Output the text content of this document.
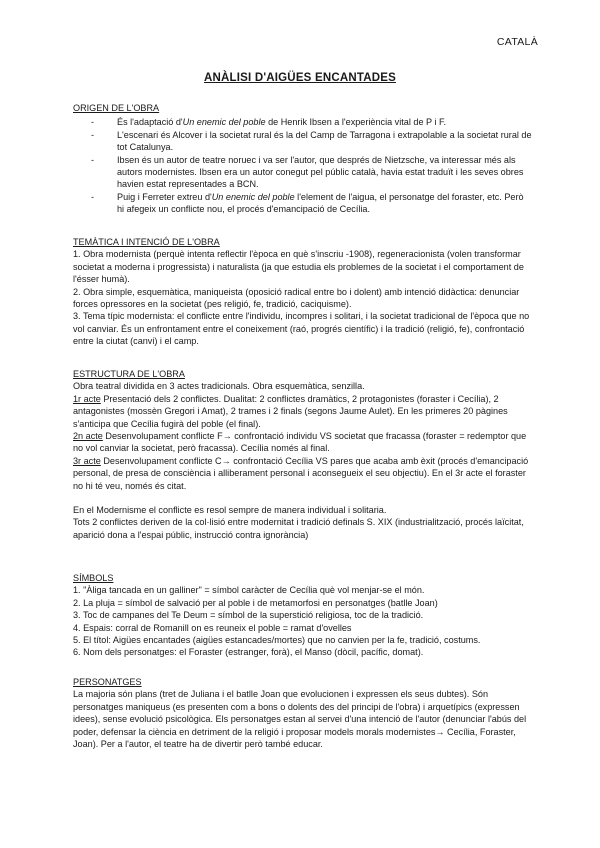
CATALÀ
ANÀLISI D'AIGÜES ENCANTADES

ORIGEN DE L'OBRA

- És l'adaptació d'Un enemic del poble de Henrik Ibsen a l'experiència vital de P i F.
- L'escenari és Alcover i la societat rural és la del Camp de Tarragona i extrapolable a la societat rural de tot Catalunya.
- Ibsen és un autor de teatre noruec i va ser l'autor, que després de Nietzsche, va interessar més als autors modernistes. Ibsen era un autor conegut pel públic català, havia estat traduït i les seves obres havien estat representades a BCN.
- Puig i Ferreter extreu d'Un enemic del poble l'element de l'aigua, el personatge del foraster, etc. Però hi afegeix un conflicte nou, el procés d'emancipació de Cecília.

TEMÀTICA I INTENCIÓ DE L'OBRA

1. Obra modernista (perquè intenta reflectir l'època en què s'inscriu -1908), regeneracionista (volen transformar societat a moderna i progressista) i naturalista (ja que estudia els problemes de la societat i el comportament de l'ésser humà).

2. Obra simple, esquemàtica, maniqueista (oposició radical entre bo i dolent) amb intenció didàctica: denunciar forces opressores en la societat (pes religió, fe, tradició, caciquisme).

3. Tema típic modernista: el conflicte entre l'individu, incompres i solitari, i la societat tradicional de l'època que no vol canviar. És un enfrontament entre el coneixement (raó, progrés científic) i la tradició (religió, fe), confrontació entre la ciutat (canvi) i el camp.

ESTRUCTURA DE L'OBRA

Obra teatral dividida en 3 actes tradicionals. Obra esquemàtica, senzilla.

1r acte Presentació dels 2 conflictes. Dualitat: 2 conflictes dramàtics, 2 protagonistes (foraster i Cecília), 2 antagonistes (mossèn Gregori i Amat), 2 trames i 2 finals (segons Jaume Aulet). En les primeres 20 pàgines s'anticipa que Cecília fugirà del poble (el final).

2n acte Desenvolupament conflicte F→ confrontació individu VS societat que fracassa (foraster = redemptor que no vol canviar la societat, però fracassa). Cecília només al final.

3r acte Desenvolupament conflicte C→ confrontació Cecília VS pares que acaba amb èxit (procés d'emancipació personal, de presa de consciència i alliberament personal i aconsegueix el seu objectiu). En el 3r acte el foraster no hi té veu, només és citat.

En el Modernisme el conflicte es resol sempre de manera individual i solitaria.

Tots 2 conflictes deriven de la col·lisió entre modernitat i tradició definals S. XIX (industrialització, procés laïcitat, aparició dona a l'espai públic, instrucció contra ignorància)

SÍMBOLS

1. "Àliga tancada en un galliner" = símbol caràcter de Cecília què vol menjar-se el món.

2. La pluja = símbol de salvació per al poble i de metamorfosi en personatges (batlle Joan)

3. Toc de campanes del Te Deum = símbol de la superstició religiosa, toc de la tradició.

4. Espais: corral de Romanill on es reuneix el poble = ramat d'ovelles

5. El títol: Aigües encantades (aigües estancades/mortes) que no canvien per la fe, tradició, costums.

6. Nom dels personatges: el Foraster (estranger, forà), el Manso (dòcil, pacífic, domat).

PERSONATGES

La majoria són plans (tret de Juliana i el batlle Joan que evolucionen i expressen els seus dubtes). Són personatges maniqueus (es presenten com a bons o dolents des del principi de l'obra) i arquetípics (expressen idees), sense evolució psicològica. Els personatges estan al servei d'una intenció de l'autor (denunciar l'abús del poder, defensar la ciència en detriment de la religió i proposar models morals modernistes→ Cecília, Foraster, Joan). Per a l'autor, el teatre ha de divertir però també educar.
